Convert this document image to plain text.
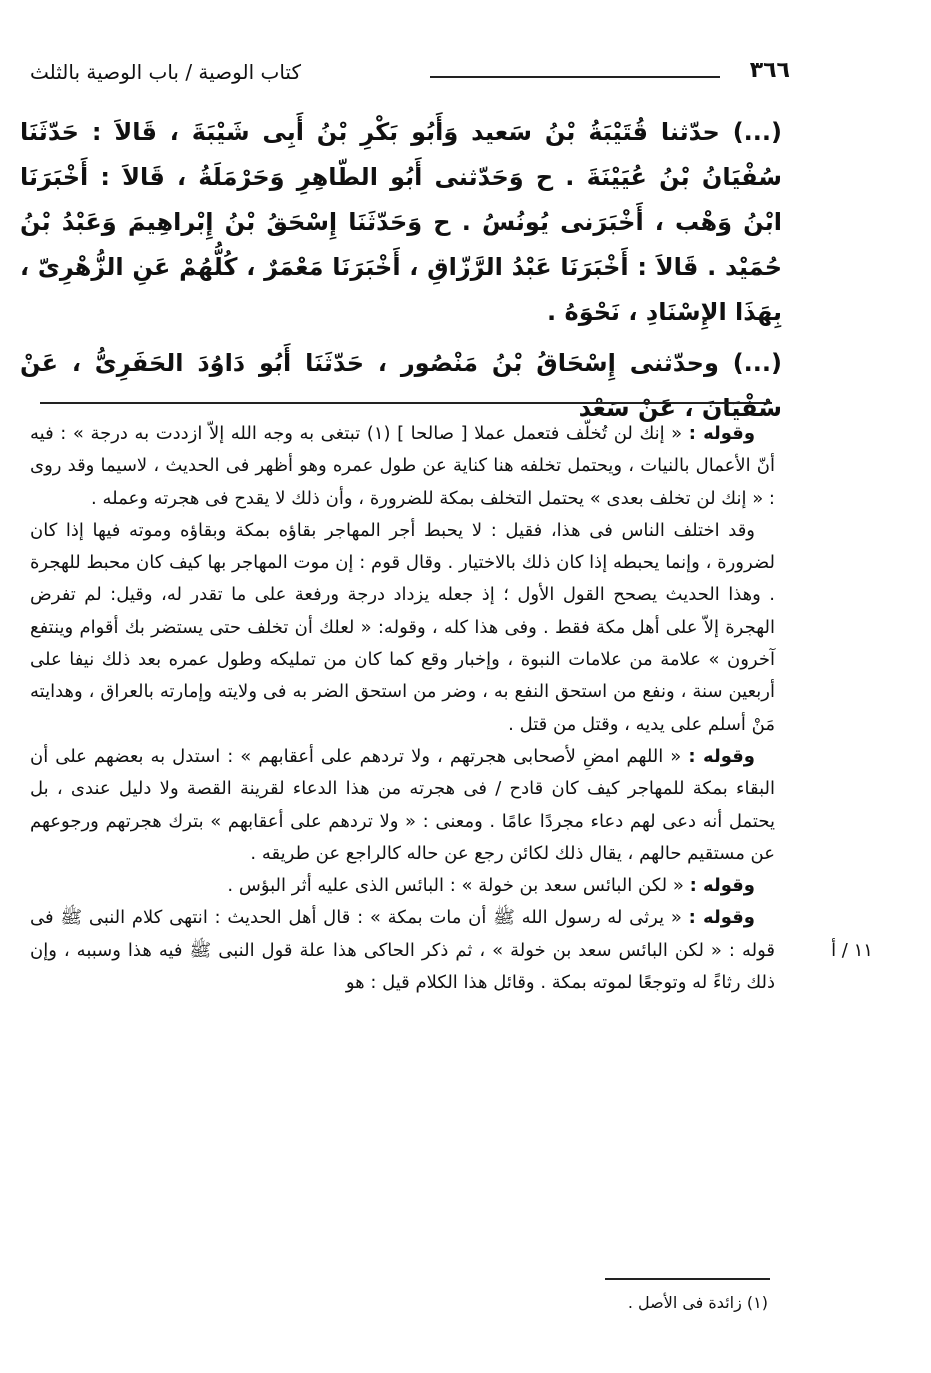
٣٦٦
كتاب الوصية / باب الوصية بالثلث

(...) حدّثنا قُتَيْبَةُ بْنُ سَعيد وَأَبُو بَكْرِ بْنُ أَبِى شَيْبَةَ ، قَالاَ : حَدّثَنَا سُفْيَانُ بْنُ عُيَيْنَةَ . ح وَحَدّثنى أَبُو الطّاهِرِ وَحَرْمَلَةُ ، قَالاَ : أَخْبَرَنَا ابْنُ وَهْب ، أَخْبَرَنى يُونُسُ . ح وَحَدّثَنَا إِسْحَقُ بْنُ إِبْراهِيمَ وَعَبْدُ بْنُ حُمَيْد . قَالاَ : أَخْبَرَنَا عَبْدُ الرَّزّاقِ ، أَخْبَرَنَا مَعْمَرٌ ، كُلُّهُمْ عَنِ الزُّهْرِىّ ، بِهَذَا الإِسْنَادِ ، نَحْوَهُ .

(...) وحدّثنى إِسْحَاقُ بْنُ مَنْصُور ، حَدّثَنَا أَبُو دَاوُدَ الحَفَرِىُّ ، عَنْ سُفْيَانَ ، عَنْ سَعْد

وقوله : « إنك لن تُخلّف فتعمل عملا [ صالحا ] (١) تبتغى به وجه الله إلاّ ازددت به درجة » : فيه أنّ الأعمال بالنيات ، ويحتمل تخلفه هنا كناية عن طول عمره وهو أظهر فى الحديث ، لاسيما وقد روى : « إنك لن تخلف بعدى » يحتمل التخلف بمكة للضرورة ، وأن ذلك لا يقدح فى هجرته وعمله .

وقد اختلف الناس فى هذا، فقيل : لا يحبط أجر المهاجر بقاؤه بمكة وبقاؤه وموته فيها إذا كان لضرورة ، وإنما يحبطه إذا كان ذلك بالاختيار . وقال قوم : إن موت المهاجر بها كيف كان محبط للهجرة . وهذا الحديث يصحح القول الأول ؛ إذ جعله يزداد درجة ورفعة على ما تقدر له، وقيل: لم تفرض الهجرة إلاّ على أهل مكة فقط . وفى هذا كله ، وقوله: « لعلك أن تخلف حتى يستضر بك أقوام وينتفع آخرون » علامة من علامات النبوة ، وإخبار وقع كما كان من تمليكه وطول عمره بعد ذلك نيفا على أربعين سنة ، ونفع من استحق النفع به ، وضر من استحق الضر به فى ولايته وإمارته بالعراق ، وهدايته مَنْ أسلم على يديه ، وقتل من قتل .

وقوله : « اللهم امضِ لأصحابى هجرتهم ، ولا تردهم على أعقابهم » : استدل به بعضهم على أن البقاء بمكة للمهاجر كيف كان قادح / فى هجرته من هذا الدعاء لقرينة القصة ولا دليل عندى ، بل يحتمل أنه دعى لهم دعاء مجردًا عامًا . ومعنى : « ولا تردهم على أعقابهم » بترك هجرتهم ورجوعهم عن مستقيم حالهم ، يقال ذلك لكائن رجع عن حاله كالراجع عن طريقه .

وقوله : « لكن البائس سعد بن خولة » : البائس الذى عليه أثر البؤس .

وقوله : « يرثى له رسول الله ﷺ أن مات بمكة » : قال أهل الحديث : انتهى كلام النبى ﷺ فى قوله : « لكن البائس سعد بن خولة » ، ثم ذكر الحاكى هذا علة قول النبى ﷺ فيه هذا وسببه ، وإن ذلك رثاءً له وتوجعًا لموته بمكة . وقائل هذا الكلام قيل : هو

١١ / أ
(١) زائدة فى الأصل .
